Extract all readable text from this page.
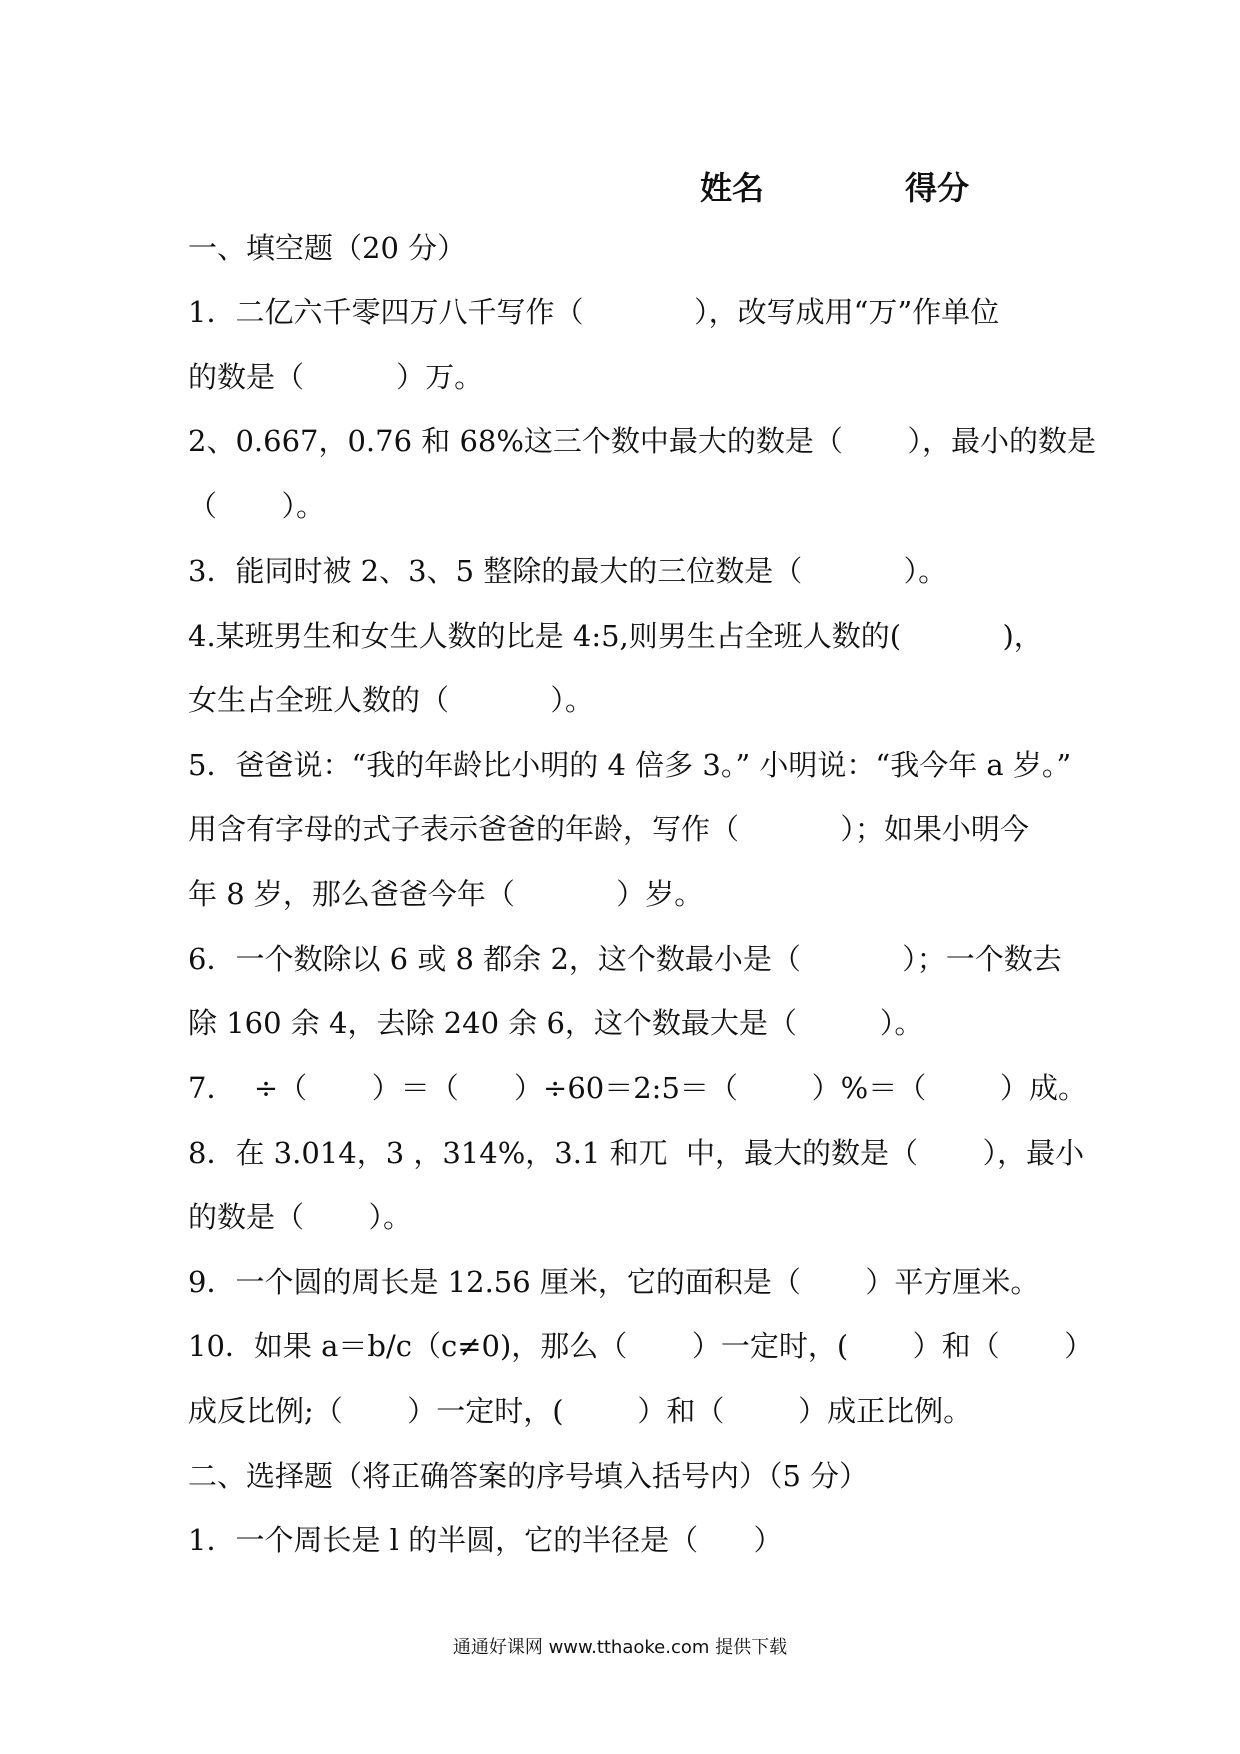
姓名	得分
一、填空题（20 分）
1．二亿六千零四万八千写作（            ），改写成用“万”作单位
的数是（          ）万。
2、0.667，0.76 和 68%这三个数中最大的数是（       ），最小的数是
（       ）。
3．能同时被 2、3、5 整除的最大的三位数是（           ）。
4.某班男生和女生人数的比是 4:5,则男生占全班人数的(           )，
女生占全班人数的（           ）。
5．爸爸说：“我的年龄比小明的 4 倍多 3。” 小明说：“我今年 a 岁。”
用含有字母的式子表示爸爸的年龄，写作（           ）；如果小明今
年 8 岁，那么爸爸今年（           ）岁。
6．一个数除以 6 或 8 都余 2，这个数最小是（           ）；一个数去
除 160 余 4，去除 240 余 6，这个数最大是（         ）。
7．  ÷（       ）＝（      ）÷60＝2:5＝（        ）%＝（        ）成。
8．在 3.014，3 ，314%，3.1 和兀  中，最大的数是（       ），最小
的数是（       ）。
9．一个圆的周长是 12.56 厘米，它的面积是（       ）平方厘米。
10．如果 a＝b/c（c≠0)，那么（       ）一定时，(       ）和（       ）
成反比例;（       ）一定时，(        ）和（        ）成正比例。
二、选择题（将正确答案的序号填入括号内）（5 分）
1．一个周长是 l 的半圆，它的半径是（      ）
通通好课网 www.tthaoke.com 提供下载
